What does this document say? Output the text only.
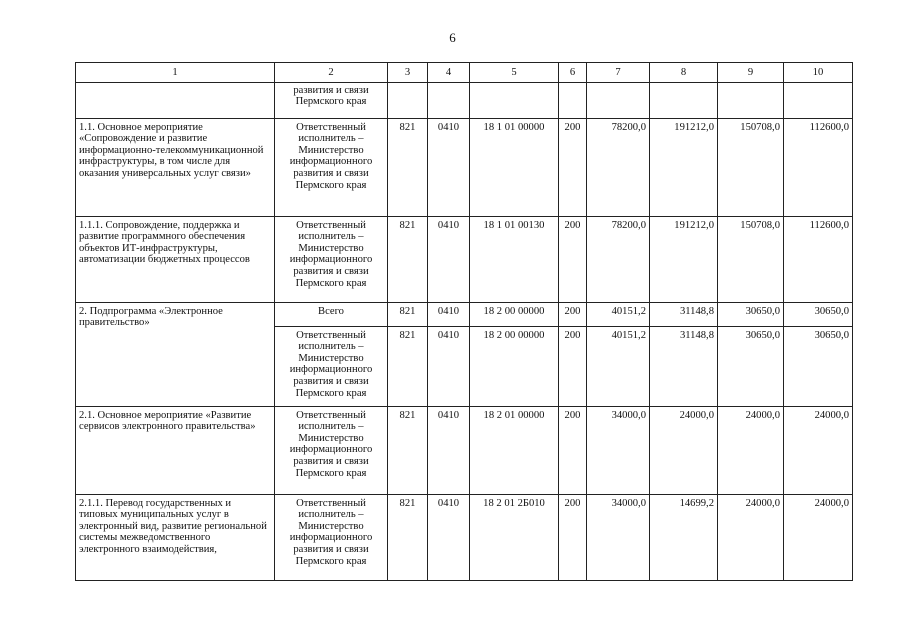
6
1	2	3	4	5	6	7	8	9	10
	развития и связи
Пермского края								
1.1. Основное мероприятие «Сопровождение и развитие информационно-телекоммуникационной инфраструктуры, в том числе для оказания универсальных услуг связи»	Ответственный исполнитель – Министерство информационного развития и связи Пермского края	821	0410	18 1 01 00000	200	78200,0	191212,0	150708,0	112600,0
1.1.1. Сопровождение, поддержка и развитие программного обеспечения объектов ИТ-инфраструктуры, автоматизации бюджетных процессов	Ответственный исполнитель – Министерство информационного развития и связи Пермского края	821	0410	18 1 01 00130	200	78200,0	191212,0	150708,0	112600,0
2. Подпрограмма «Электронное правительство»	Всего	821	0410	18 2 00 00000	200	40151,2	31148,8	30650,0	30650,0
	Ответственный исполнитель – Министерство информационного развития и связи Пермского края	821	0410	18 2 00 00000	200	40151,2	31148,8	30650,0	30650,0
2.1. Основное мероприятие «Развитие сервисов электронного правительства»	Ответственный исполнитель – Министерство информационного развития и связи Пермского края	821	0410	18 2 01 00000	200	34000,0	24000,0	24000,0	24000,0
2.1.1. Перевод государственных и типовых муниципальных услуг в электронный вид, развитие региональной системы межведомственного электронного взаимодействия,	Ответственный исполнитель – Министерство информационного развития и связи Пермского края	821	0410	18 2 01 2Б010	200	34000,0	14699,2	24000,0	24000,0
